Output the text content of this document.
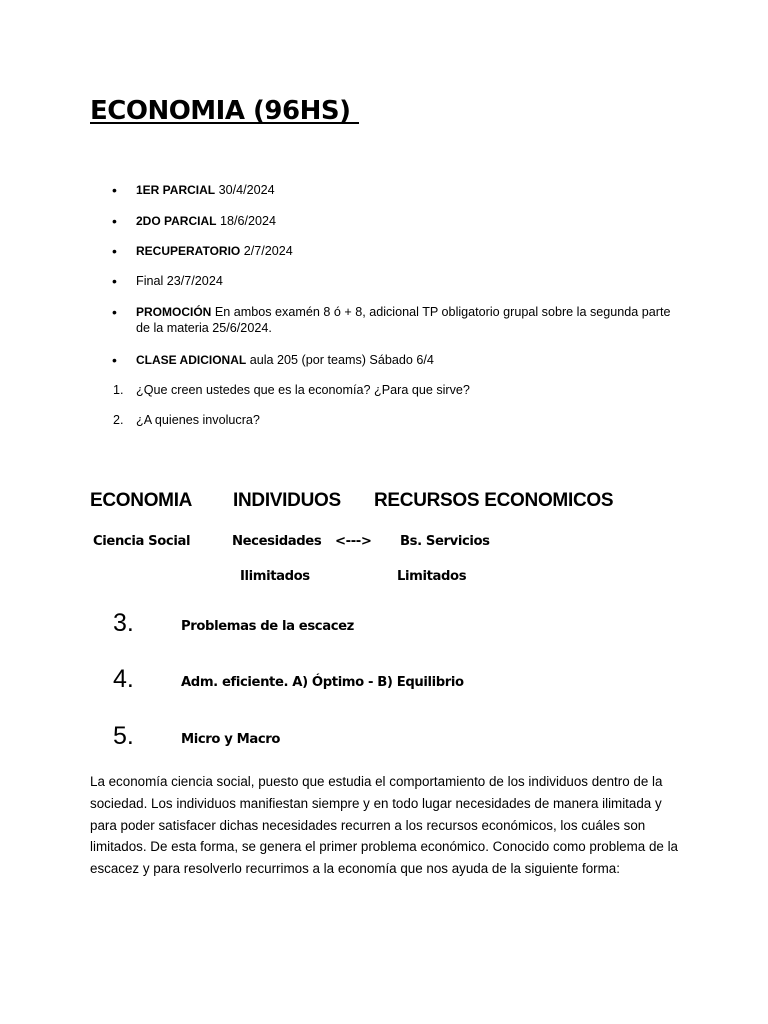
ECONOMIA (96HS)
• 1ER PARCIAL 30/4/2024
• 2DO PARCIAL 18/6/2024
• RECUPERATORIO 2/7/2024
• Final 23/7/2024
• PROMOCIÓN En ambos examén 8 ó + 8, adicional TP obligatorio grupal sobre la segunda parte de la materia 25/6/2024.
• CLASE ADICIONAL aula 205 (por teams) Sábado 6/4
1. ¿Que creen ustedes que es la economía? ¿Para que sirve?
2. ¿A quienes involucra?
ECONOMIA INDIVIDUOS RECURSOS ECONOMICOS
Ciencia Social	Necesidades <---> Bs. Servicios
Ilimitados	Limitados
3.	Problemas de la escacez
4.	Adm. eficiente. A) Óptimo - B) Equilibrio
5.	Micro y Macro
La economía ciencia social, puesto que estudia el comportamiento de los individuos dentro de la sociedad. Los individuos manifiestan siempre y en todo lugar necesidades de manera ilimitada y para poder satisfacer dichas necesidades recurren a los recursos económicos, los cuáles son limitados. De esta forma, se genera el primer problema económico. Conocido como problema de la escacez y para resolverlo recurrimos a la economía que nos ayuda de la siguiente forma:
